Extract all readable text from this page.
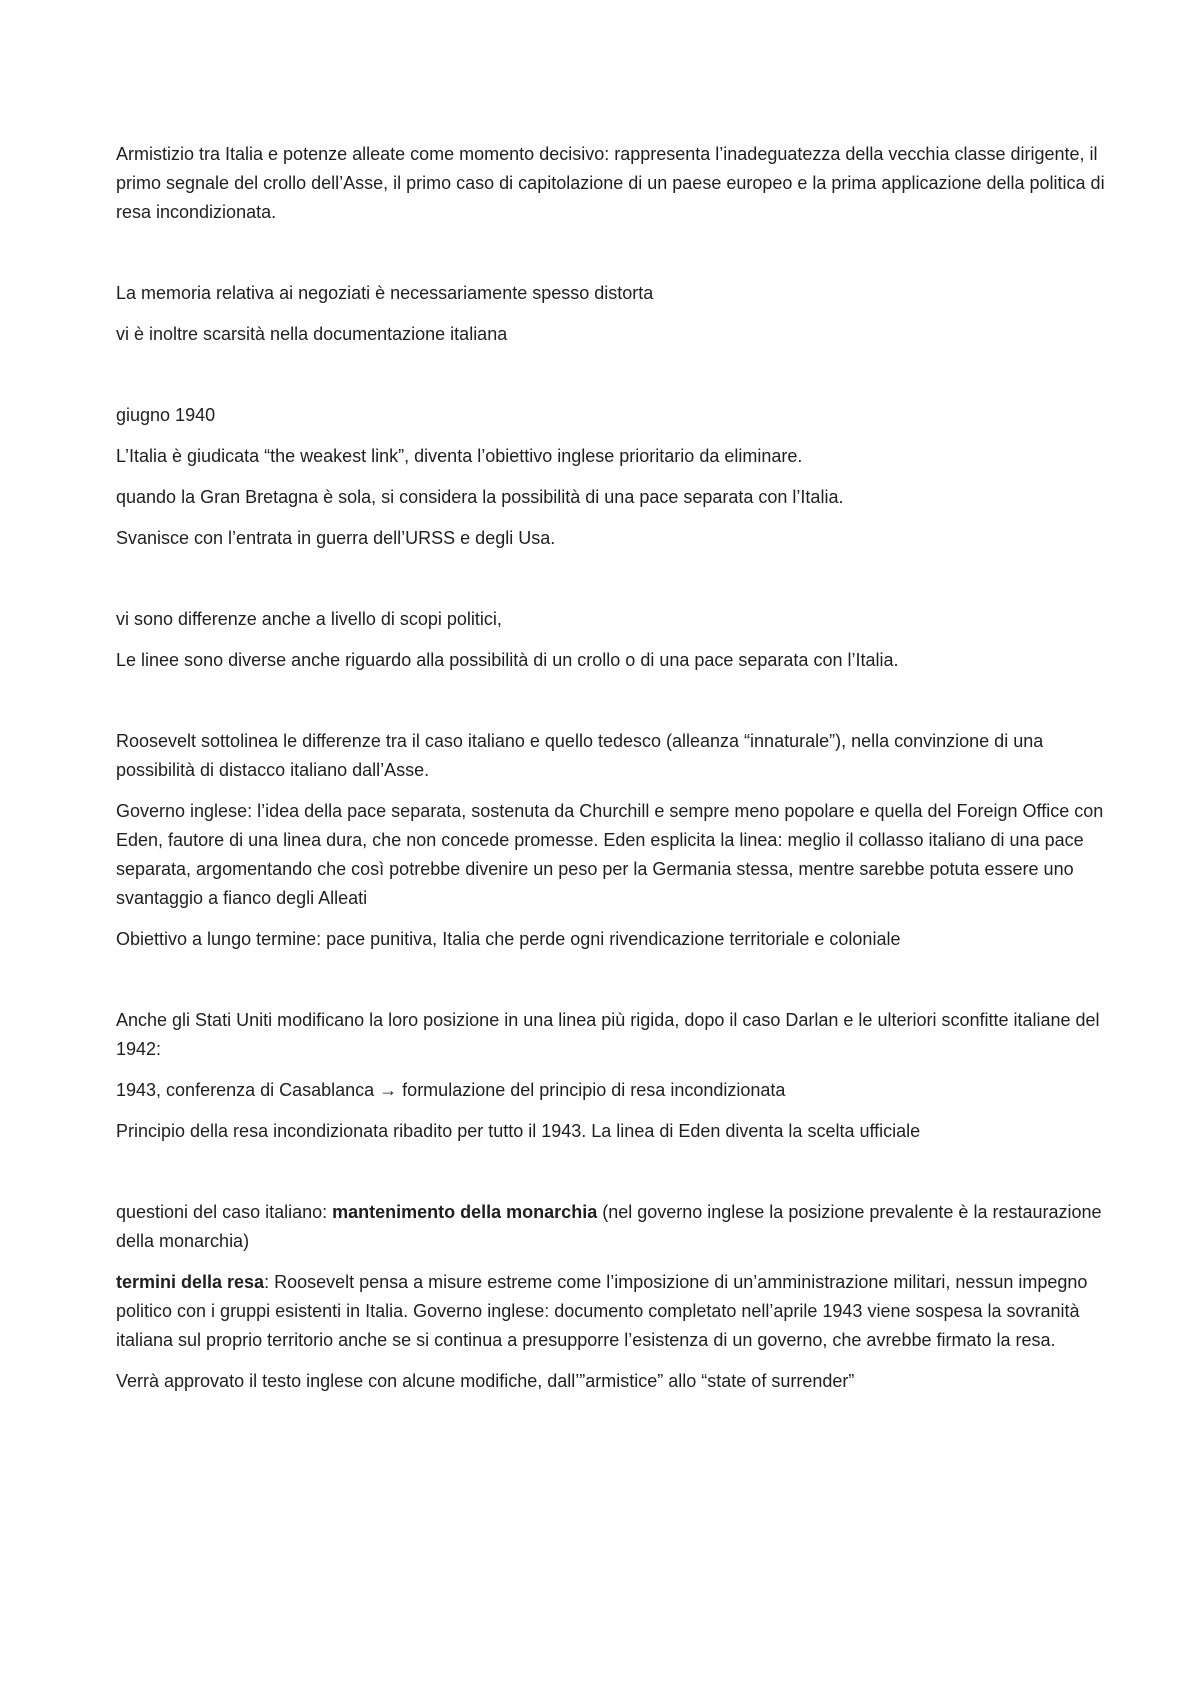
Armistizio tra Italia e potenze alleate come momento decisivo: rappresenta l’inadeguatezza della vecchia classe dirigente, il primo segnale del crollo dell’Asse, il primo caso di capitolazione di un paese europeo e la prima applicazione della politica di resa incondizionata.

La memoria relativa ai negoziati è necessariamente spesso distorta

vi è inoltre scarsità nella documentazione italiana

giugno 1940

L’Italia è giudicata “the weakest link”, diventa l’obiettivo inglese prioritario da eliminare.

quando la Gran Bretagna è sola, si considera la possibilità di una pace separata con l’Italia.

Svanisce con l’entrata in guerra dell’URSS e degli Usa.

vi sono differenze anche a livello di scopi politici,

Le linee sono diverse anche riguardo alla possibilità di un crollo o di una pace separata con l’Italia.

Roosevelt sottolinea le differenze tra il caso italiano e quello tedesco (alleanza “innaturale”), nella convinzione di una possibilità di distacco italiano dall’Asse.

Governo inglese: l’idea della pace separata, sostenuta da Churchill e sempre meno popolare e quella del Foreign Office con Eden, fautore di una linea dura, che non concede promesse. Eden esplicita la linea: meglio il collasso italiano di una pace separata, argomentando che così potrebbe divenire un peso per la Germania stessa, mentre sarebbe potuta essere uno svantaggio a fianco degli Alleati

Obiettivo a lungo termine: pace punitiva, Italia che perde ogni rivendicazione territoriale e coloniale

Anche gli Stati Uniti modificano la loro posizione in una linea più rigida, dopo il caso Darlan e le ulteriori sconfitte italiane del 1942:

1943, conferenza di Casablanca → formulazione del principio di resa incondizionata

Principio della resa incondizionata ribadito per tutto il 1943. La linea di Eden diventa la scelta ufficiale

questioni del caso italiano: mantenimento della monarchia (nel governo inglese la posizione prevalente è la restaurazione della monarchia)

termini della resa: Roosevelt pensa a misure estreme come l’imposizione di un’amministrazione militari, nessun impegno politico con i gruppi esistenti in Italia. Governo inglese: documento completato nell’aprile 1943 viene sospesa la sovranità italiana sul proprio territorio anche se si continua a presupporre l’esistenza di un governo, che avrebbe firmato la resa.

Verrà approvato il testo inglese con alcune modifiche, dall’”armistice” allo “state of surrender”
